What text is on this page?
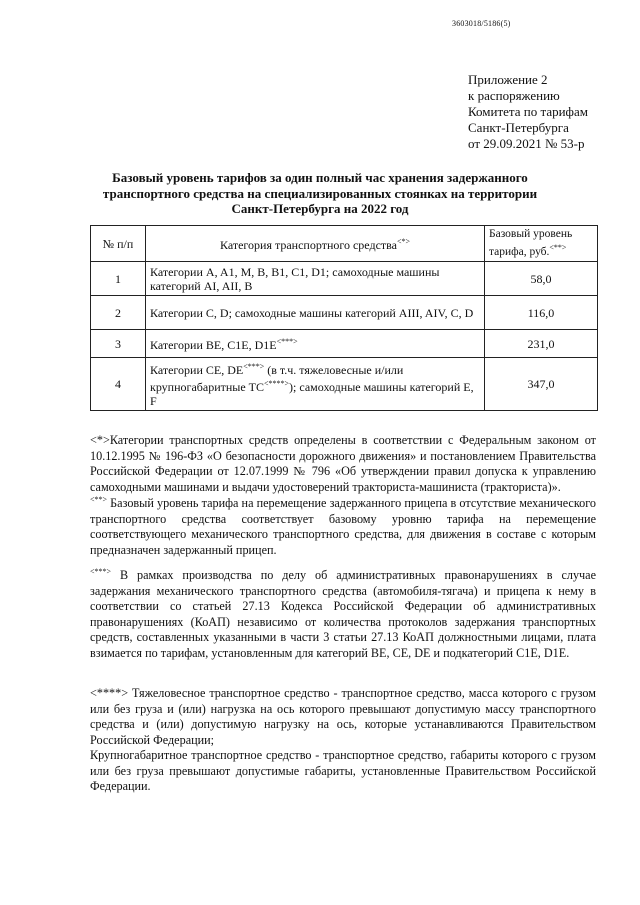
3603018/5186(5)
Приложение 2
к распоряжению
Комитета по тарифам
Санкт-Петербурга
от 29.09.2021 № 53-р
Базовый уровень тарифов за один полный час хранения задержанного
транспортного средства на специализированных стоянках на территории
Санкт-Петербурга на 2022 год
№ п/п	Категория транспортного средства<*>	Базовый уровень
тарифа, руб.<**>
1	Категории A, A1, M, B, B1, C1, D1; самоходные машины категорий AI, AII, B	58,0
2	Категории C, D; самоходные машины категорий AIII, AIV, C, D	116,0
3	Категории BE, C1E, D1E<***>	231,0
4	Категории CE, DE<***> (в т.ч. тяжеловесные и/или крупногабаритные ТС<****>); самоходные машины категорий E, F	347,0

<*>Категории транспортных средств определены в соответствии с Федеральным законом от 10.12.1995 № 196-ФЗ «О безопасности дорожного движения» и постановлением Правительства Российской Федерации от 12.07.1999 № 796 «Об утверждении правил допуска к управлению самоходными машинами и выдачи удостоверений тракториста-машиниста (тракториста)».

<**> Базовый уровень тарифа на перемещение задержанного прицепа в отсутствие механического транспортного средства соответствует базовому уровню тарифа на перемещение соответствующего механического транспортного средства, для движения в составе с которым предназначен задержанный прицеп.

<***> В рамках производства по делу об административных правонарушениях в случае задержания механического транспортного средства (автомобиля-тягача) и прицепа к нему в соответствии со статьей 27.13 Кодекса Российской Федерации об административных правонарушениях (КоАП) независимо от количества протоколов задержания транспортных средств, составленных указанными в части 3 статьи 27.13 КоАП должностными лицами, плата взимается по тарифам, установленным для категорий BE, CE, DE и подкатегорий C1E, D1E.

<****> Тяжеловесное транспортное средство - транспортное средство, масса которого с грузом или без груза и (или) нагрузка на ось которого превышают допустимую массу транспортного средства и (или) допустимую нагрузку на ось, которые устанавливаются Правительством Российской Федерации;

Крупногабаритное транспортное средство - транспортное средство, габариты которого с грузом или без груза превышают допустимые габариты, установленные Правительством Российской Федерации.
